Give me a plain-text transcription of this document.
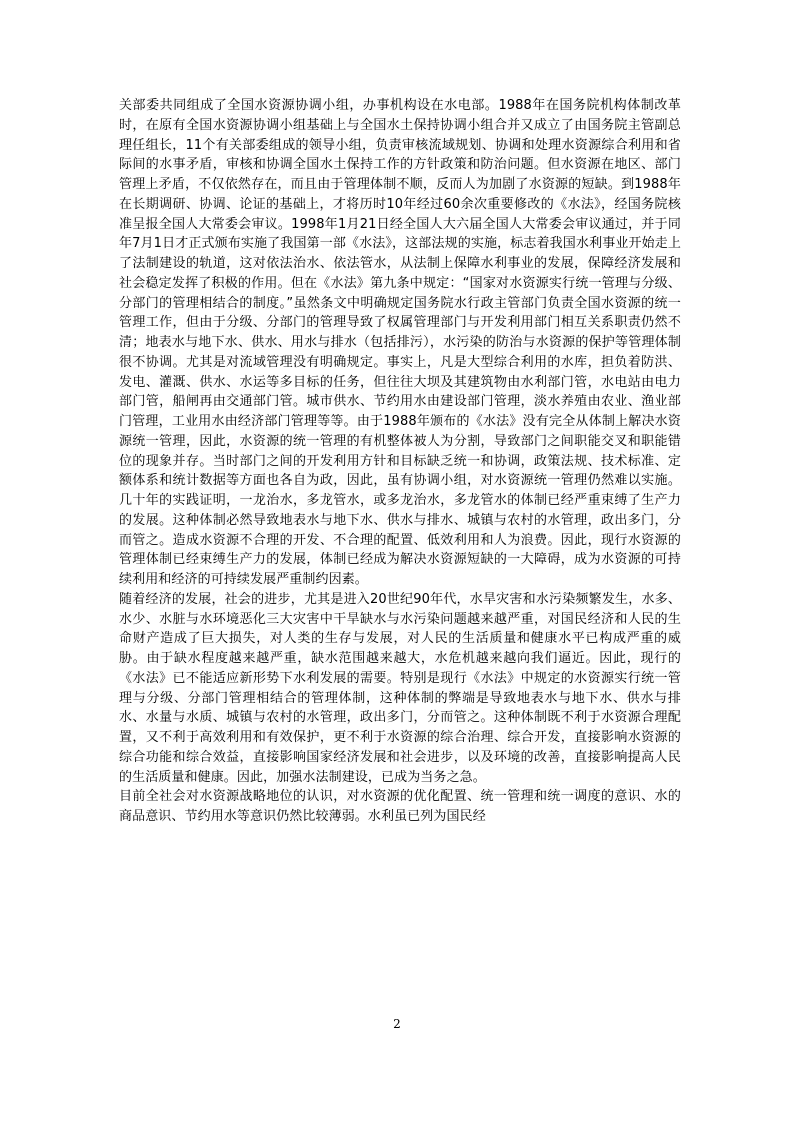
关部委共同组成了全国水资源协调小组，办事机构设在水电部。1988年在国务院机构体制改革时，在原有全国水资源协调小组基础上与全国水土保持协调小组合并又成立了由国务院主管副总理任组长，11个有关部委组成的领导小组，负责审核流域规划、协调和处理水资源综合利用和省际间的水事矛盾，审核和协调全国水土保持工作的方针政策和防治问题。但水资源在地区、部门管理上矛盾，不仅依然存在，而且由于管理体制不顺，反而人为加剧了水资源的短缺。到1988年在长期调研、协调、论证的基础上，才将历时10年经过60余次重要修改的《水法》，经国务院核准呈报全国人大常委会审议。1998年1月21日经全国人大六届全国人大常委会审议通过，并于同年7月1日才正式颁布实施了我国第一部《水法》，这部法规的实施，标志着我国水利事业开始走上了法制建设的轨道，这对依法治水、依法管水，从法制上保障水利事业的发展，保障经济发展和社会稳定发挥了积极的作用。但在《水法》第九条中规定：“国家对水资源实行统一管理与分级、分部门的管理相结合的制度。”虽然条文中明确规定国务院水行政主管部门负责全国水资源的统一管理工作，但由于分级、分部门的管理导致了权属管理部门与开发利用部门相互关系职责仍然不清；地表水与地下水、供水、用水与排水（包括排污），水污染的防治与水资源的保护等管理体制很不协调。尤其是对流域管理没有明确规定。事实上，凡是大型综合利用的水库，担负着防洪、发电、灌溉、供水、水运等多目标的任务，但往往大坝及其建筑物由水利部门管，水电站由电力部门管，船闸再由交通部门管。城市供水、节约用水由建设部门管理，淡水养殖由农业、渔业部门管理，工业用水由经济部门管理等等。由于1988年颁布的《水法》没有完全从体制上解决水资源统一管理，因此，水资源的统一管理的有机整体被人为分割，导致部门之间职能交叉和职能错位的现象并存。当时部门之间的开发利用方针和目标缺乏统一和协调，政策法规、技术标准、定额体系和统计数据等方面也各自为政，因此，虽有协调小组，对水资源统一管理仍然难以实施。几十年的实践证明，一龙治水，多龙管水，或多龙治水，多龙管水的体制已经严重束缚了生产力的发展。这种体制必然导致地表水与地下水、供水与排水、城镇与农村的水管理，政出多门，分而管之。造成水资源不合理的开发、不合理的配置、低效利用和人为浪费。因此，现行水资源的管理体制已经束缚生产力的发展，体制已经成为解决水资源短缺的一大障碍，成为水资源的可持续利用和经济的可持续发展严重制约因素。

随着经济的发展，社会的进步，尤其是进入20世纪90年代，水旱灾害和水污染频繁发生，水多、水少、水脏与水环境恶化三大灾害中干旱缺水与水污染问题越来越严重，对国民经济和人民的生命财产造成了巨大损失，对人类的生存与发展，对人民的生活质量和健康水平已构成严重的威胁。由于缺水程度越来越严重，缺水范围越来越大，水危机越来越向我们逼近。因此，现行的《水法》已不能适应新形势下水利发展的需要。特别是现行《水法》中规定的水资源实行统一管理与分级、分部门管理相结合的管理体制，这种体制的弊端是导致地表水与地下水、供水与排水、水量与水质、城镇与农村的水管理，政出多门，分而管之。这种体制既不利于水资源合理配置，又不利于高效利用和有效保护，更不利于水资源的综合治理、综合开发，直接影响水资源的综合功能和综合效益，直接影响国家经济发展和社会进步，以及环境的改善，直接影响提高人民的生活质量和健康。因此，加强水法制建设，已成为当务之急。

目前全社会对水资源战略地位的认识，对水资源的优化配置、统一管理和统一调度的意识、水的商品意识、节约用水等意识仍然比较薄弱。水利虽已列为国民经

2
